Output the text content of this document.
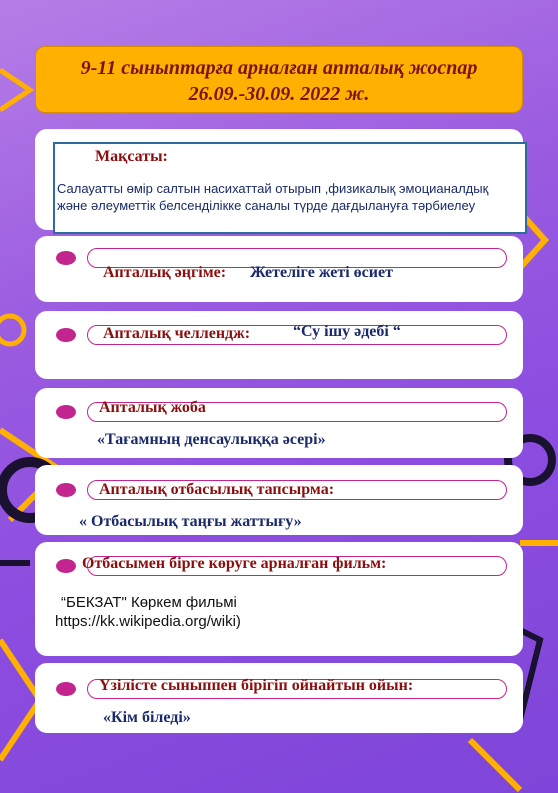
9-11 сыныптарға арналған апталық жоспар
26.09.-30.09. 2022 ж.
Мақсаты:
Салауатты өмір салтын насихаттай отырып ,физикалық эмоцианалдық және әлеуметтік белсенділікке саналы түрде дағдылануға тәрбиелеу
Апталық әңгіме: Жетелігe жеті өсиет
Апталық челлендж:	“Су ішу әдебі “
Апталық жоба
«Тағамның денсаулыққа әсері»
Апталық отбасылық тапсырма:
« Отбасылық таңғы жаттығу»
Отбасымен бірге көруге арналған фильм:
“БЕКЗАТ" Көркем фильмі
https://kk.wikipedia.org/wiki)
Үзілісте сыныппен бірігіп ойнайтын ойын:
«Кім біледі»
